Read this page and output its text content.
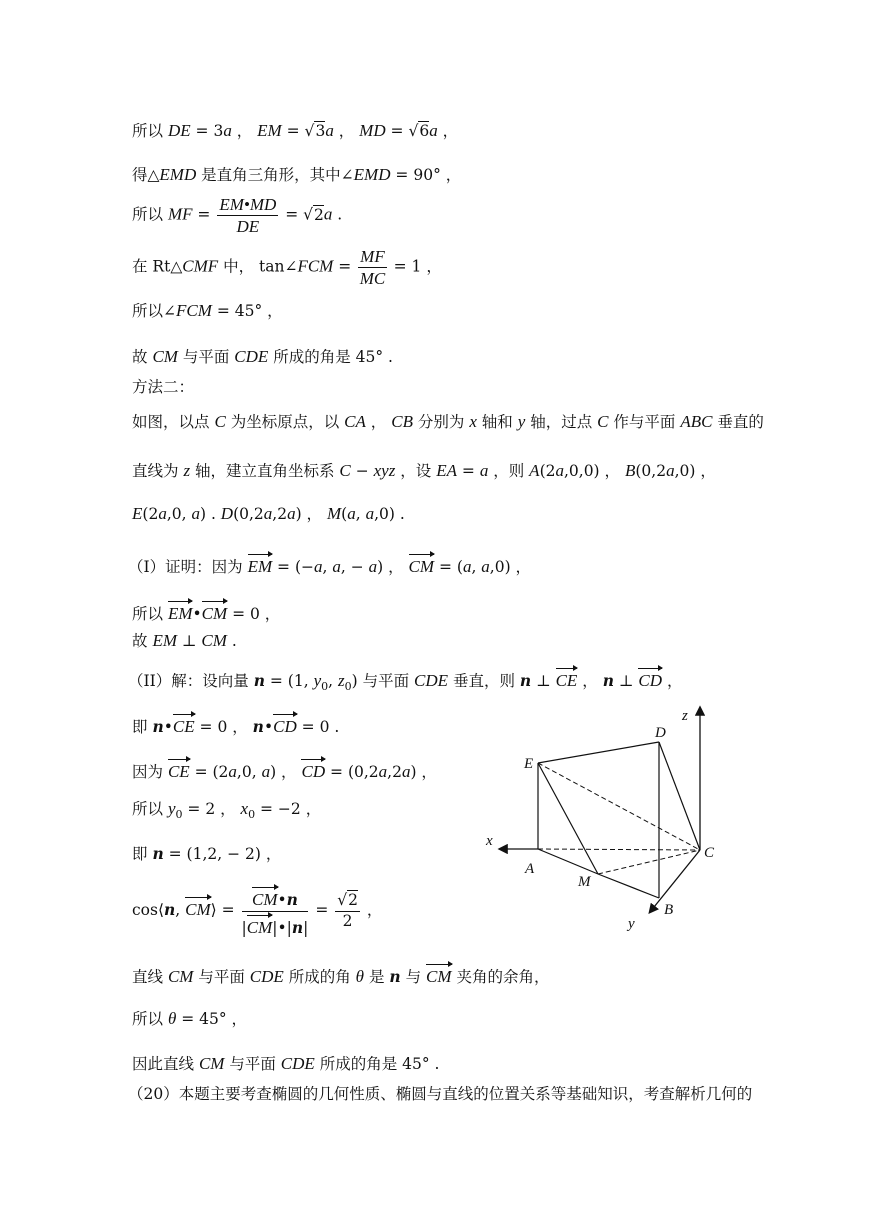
所以 DE = 3a ， EM = √3a ， MD = √6a ，
得△EMD 是直角三角形，其中∠EMD = 90° ，
所以 MF = $\frac{EM•MD}{DE} = √2a$ .
在 Rt△CMF 中， tan∠FCM = $\frac{MF}{MC} = 1$ ，
所以∠FCM = 45° ，
故 CM 与平面 CDE 所成的角是 45° .
方法二：
如图，以点 C 为坐标原点，以 CA ， CB 分别为 x 轴和 y 轴，过点 C 作与平面 ABC 垂直的
直线为 z 轴，建立直角坐标系 C − xyz ，设 EA = a ，则 A(2a,0,0) ， B(0,2a,0) ，
E(2a,0, a) . D(0,2a,2a) ， M(a, a,0) .
（I）证明：因为 EM = (−a, a, − a) ， CM = (a, a,0) ，
所以 EM•CM = 0 ，
故 EM ⊥ CM .
（II）解：设向量 n = (1, $y_0$, $z_0$) 与平面 CDE 垂直，则 n ⊥ CE ， n ⊥ CD ，
即 n•CE = 0 ， n•CD = 0 .
因为 CE = (2a,0, a) ， CD = (0,2a,2a) ，
所以 $y_0 = 2$ ， $x_0 = -2$ ，
即 n = (1,2, − 2) ，
cos⟨n, CM⟩ = $\frac{CM•n}{|CM|•|n|} = \frac{√2}{2}$ ，
直线 CM 与平面 CDE 所成的角 θ 是 n 与 CM 夹角的余角，
所以 θ = 45° ，
因此直线 CM 与平面 CDE 所成的角是 45° .
（20）本题主要考查椭圆的几何性质、椭圆与直线的位置关系等基础知识，考查解析几何的
z
D
E
x
A
M
C
B
y
